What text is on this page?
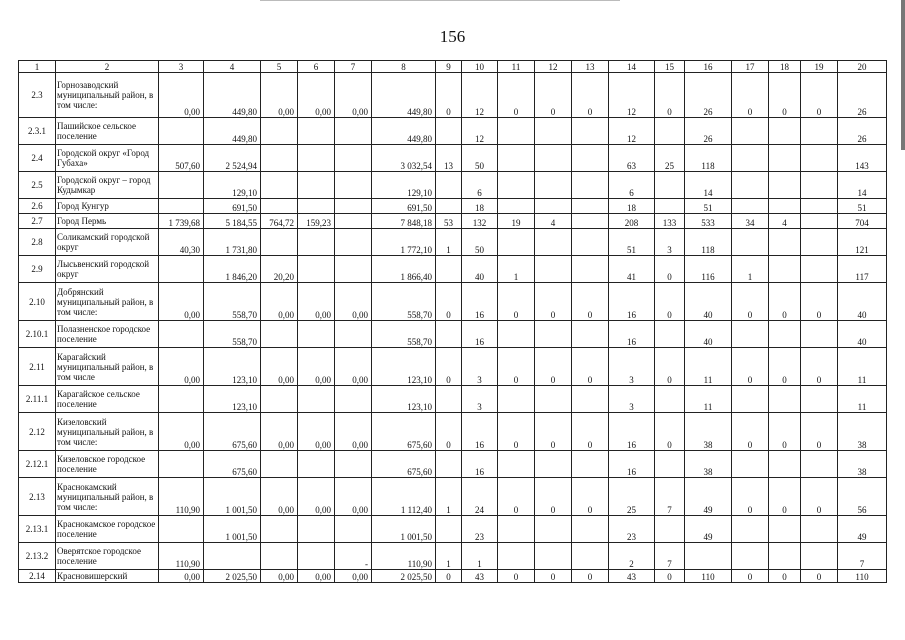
156
1	2	3	4	5	6	7	8	9	10	11	12	13	14	15	16	17	18	19	20
2.3	Горнозаводский муниципальный район, в том числе:	0,00	449,80	0,00	0,00	0,00	449,80	0	12	0	0	0	12	0	26	0	0	0	26
2.3.1	Пашийское сельское поселение		449,80				449,80		12				12		26				26
2.4	Городской округ «Город Губаха»	507,60	2 524,94				3 032,54	13	50				63	25	118				143
2.5	Городской округ – город Кудымкар		129,10				129,10		6				6		14				14
2.6	Город Кунгур		691,50				691,50		18				18		51				51
2.7	Город Пермь	1 739,68	5 184,55	764,72	159,23		7 848,18	53	132	19	4		208	133	533	34	4		704
2.8	Соликамский городской округ	40,30	1 731,80				1 772,10	1	50				51	3	118				121
2.9	Лысьвенский городской округ		1 846,20	20,20			1 866,40		40	1			41	0	116	1			117
2.10	Добрянский муниципальный район, в том числе:	0,00	558,70	0,00	0,00	0,00	558,70	0	16	0	0	0	16	0	40	0	0	0	40
2.10.1	Полазненское городское поселение		558,70				558,70		16				16		40				40
2.11	Карагайский муниципальный район, в том числе	0,00	123,10	0,00	0,00	0,00	123,10	0	3	0	0	0	3	0	11	0	0	0	11
2.11.1	Карагайское сельское поселение		123,10				123,10		3				3		11				11
2.12	Кизеловский муниципальный район, в том числе:	0,00	675,60	0,00	0,00	0,00	675,60	0	16	0	0	0	16	0	38	0	0	0	38
2.12.1	Кизеловское городское поселение		675,60				675,60		16				16		38				38
2.13	Краснокамский муниципальный район, в том числе:	110,90	1 001,50	0,00	0,00	0,00	1 112,40	1	24	0	0	0	25	7	49	0	0	0	56
2.13.1	Краснокамское городское поселение		1 001,50				1 001,50		23				23		49				49
2.13.2	Оверятское городское поселение	110,90				-	110,90	1	1				2	7					7
2.14	Красновишерский	0,00	2 025,50	0,00	0,00	0,00	2 025,50	0	43	0	0	0	43	0	110	0	0	0	110
